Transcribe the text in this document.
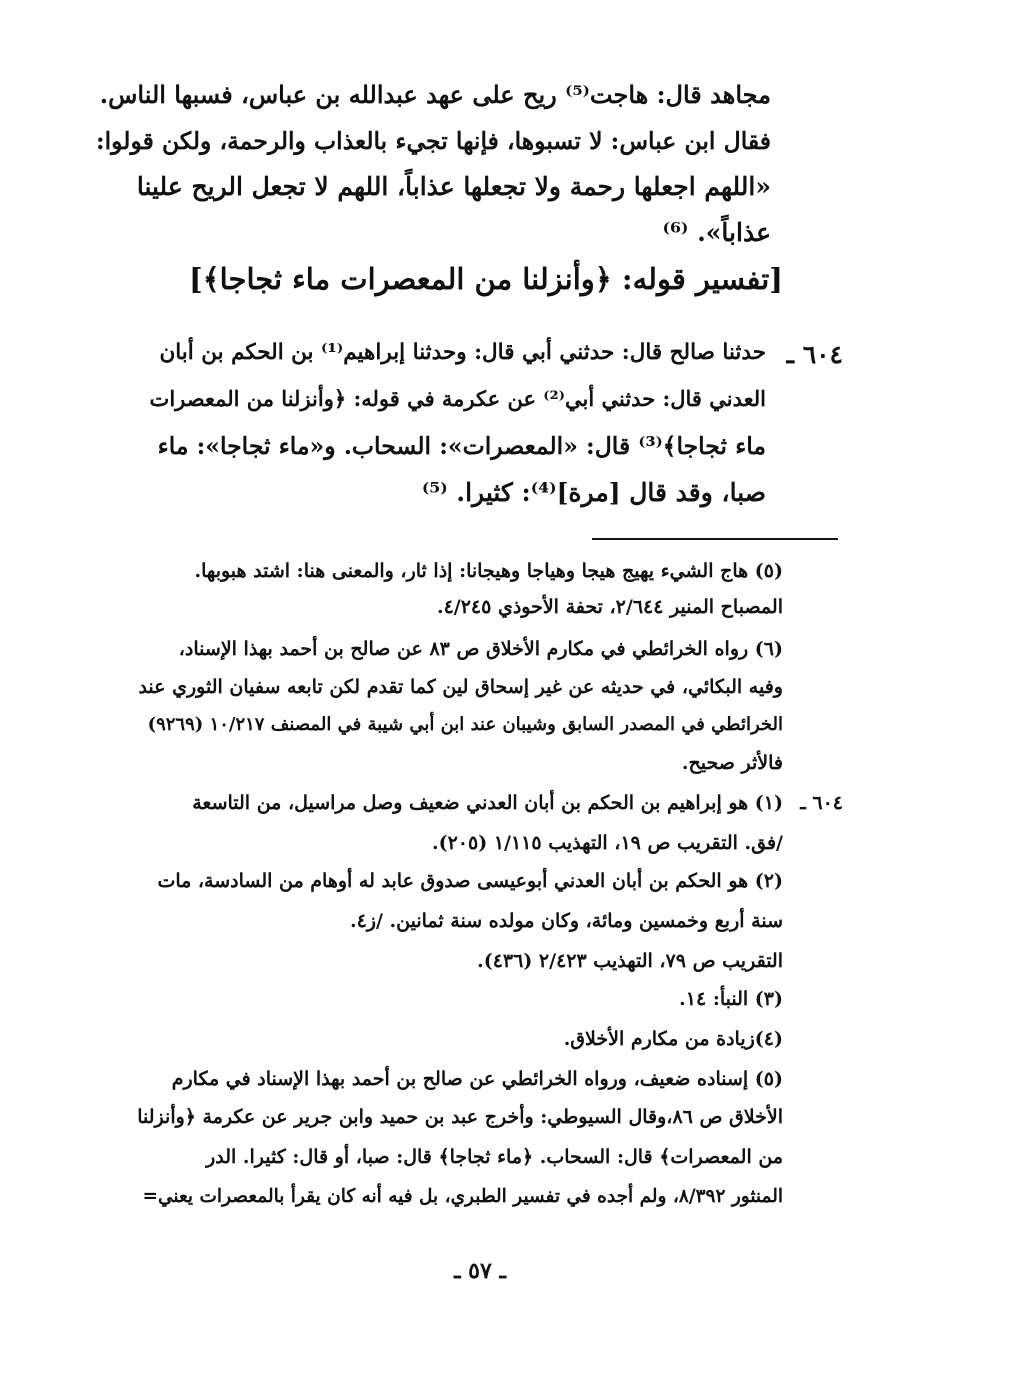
مجاهد قال: هاجت⁽⁵⁾ ريح على عهد عبدالله بن عباس، فسبها الناس.

فقال ابن عباس: لا تسبوها، فإنها تجيء بالعذاب والرحمة، ولكن قولوا:

«اللهم اجعلها رحمة ولا تجعلها عذاباً، اللهم لا تجعل الريح علينا

عذاباً». ⁽⁶⁾

[تفسير قوله: ﴿وأنزلنا من المعصرات ماء ثجاجا﴾]
٦٠٤ ـ
حدثنا صالح قال: حدثني أبي قال: وحدثنا إبراهيم⁽¹⁾ بن الحكم بن أبان
العدني قال: حدثني أبي⁽²⁾ عن عكرمة في قوله: ﴿وأنزلنا من المعصرات
ماء ثجاجا﴾⁽³⁾ قال: «المعصرات»: السحاب. و«ماء ثجاجا»: ماء
صبا، وقد قال [مرة]⁽⁴⁾: كثيرا. ⁽⁵⁾
(٥) هاج الشيء يهيج هيجا وهياجا وهيجانا: إذا ثار، والمعنى هنا: اشتد هبوبها.
المصباح المنير ٢/٦٤٤، تحفة الأحوذي ٤/٢٤٥.
(٦) رواه الخرائطي في مكارم الأخلاق ص ٨٣ عن صالح بن أحمد بهذا الإسناد،
وفيه البكائي، في حديثه عن غير إسحاق لين كما تقدم لكن تابعه سفيان الثوري عند
الخرائطي في المصدر السابق وشيبان عند ابن أبي شيبة في المصنف ١٠/٢١٧ (٩٢٦٩)
فالأثر صحيح.
٦٠٤ ـ
(١) هو إبراهيم بن الحكم بن أبان العدني ضعيف وصل مراسيل، من التاسعة
/فق. التقريب ص ١٩، التهذيب ١/١١٥ (٢٠٥).
(٢) هو الحكم بن أبان العدني أبوعيسى صدوق عابد له أوهام من السادسة، مات
سنة أربع وخمسين ومائة، وكان مولده سنة ثمانين. /ز٤.
التقريب ص ٧٩، التهذيب ٢/٤٢٣ (٤٣٦).
(٣) النبأ: ١٤.
(٤)زيادة من مكارم الأخلاق.
(٥) إسناده ضعيف، ورواه الخرائطي عن صالح بن أحمد بهذا الإسناد في مكارم
الأخلاق ص ٨٦،وقال السيوطي: وأخرج عبد بن حميد وابن جرير عن عكرمة ﴿وأنزلنا
من المعصرات﴾ قال: السحاب. ﴿ماء ثجاجا﴾ قال: صبا، أو قال: كثيرا. الدر
المنثور ٨/٣٩٢، ولم أجده في تفسير الطبري، بل فيه أنه كان يقرأ بالمعصرات يعني=
ـ ٥٧ ـ
